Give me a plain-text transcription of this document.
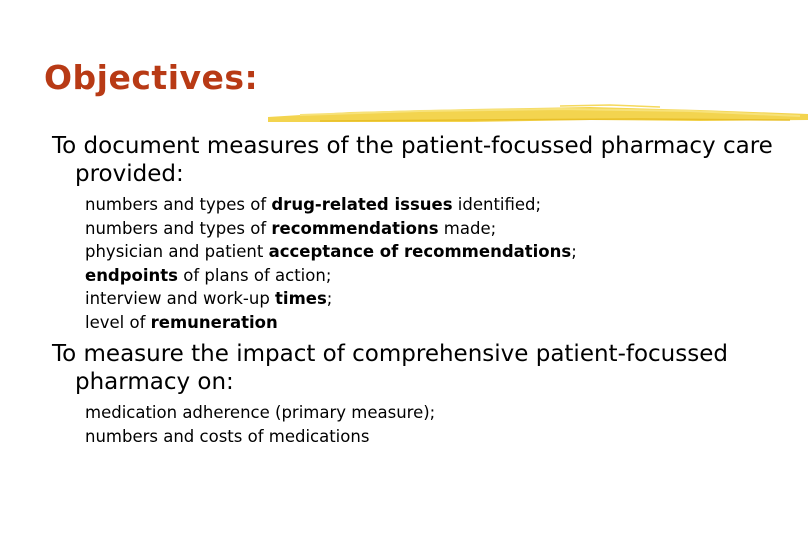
Objectives:
To document measures of the patient-focussed pharmacy care provided:
numbers and types of drug-related issues identified;
numbers and types of recommendations made;
physician and patient acceptance of recommendations;
endpoints of plans of action;
interview and work-up times;
level of remuneration
To measure the impact of comprehensive patient-focussed pharmacy on:
medication adherence (primary measure);
numbers and costs of medications
